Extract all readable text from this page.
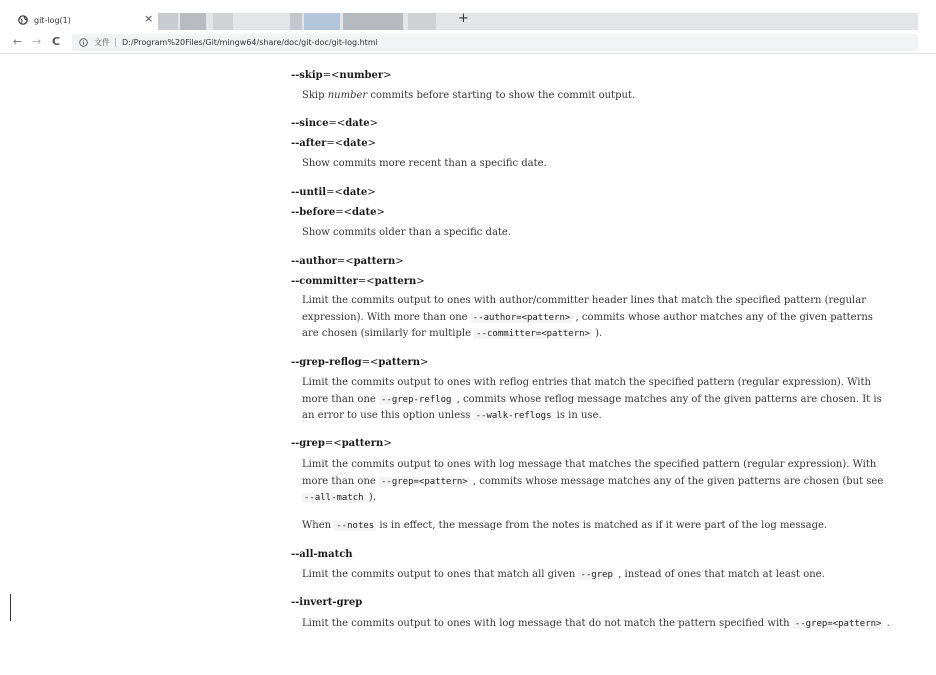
git-log(1)	×	+
← → C	文件 | D:/Program%20Files/Git/mingw64/share/doc/git-doc/git-log.html
--skip=<number>
Skip number commits before starting to show the commit output.
--since=<date>
--after=<date>
Show commits more recent than a specific date.
--until=<date>
--before=<date>
Show commits older than a specific date.
--author=<pattern>
--committer=<pattern>
Limit the commits output to ones with author/committer header lines that match the specified pattern (regular expression). With more than one --author=<pattern> , commits whose author matches any of the given patterns are chosen (similarly for multiple --committer=<pattern> ).
--grep-reflog=<pattern>
Limit the commits output to ones with reflog entries that match the specified pattern (regular expression). With more than one --grep-reflog , commits whose reflog message matches any of the given patterns are chosen. It is an error to use this option unless --walk-reflogs is in use.
--grep=<pattern>
Limit the commits output to ones with log message that matches the specified pattern (regular expression). With more than one --grep=<pattern> , commits whose message matches any of the given patterns are chosen (but see --all-match ).
When --notes is in effect, the message from the notes is matched as if it were part of the log message.
--all-match
Limit the commits output to ones that match all given --grep , instead of ones that match at least one.
--invert-grep
Limit the commits output to ones with log message that do not match the pattern specified with --grep=<pattern> .
